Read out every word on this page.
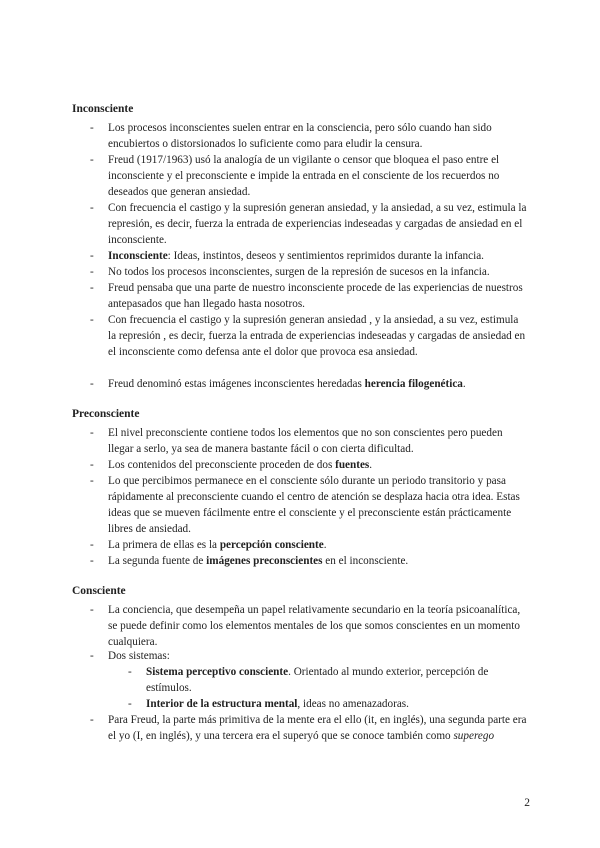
Inconsciente
- Los procesos inconscientes suelen entrar en la consciencia, pero sólo cuando han sido encubiertos o distorsionados lo suficiente como para eludir la censura.
- Freud (1917/1963) usó la analogía de un vigilante o censor que bloquea el paso entre el inconsciente y el preconsciente e impide la entrada en el consciente de los recuerdos no deseados que generan ansiedad.
- Con frecuencia el castigo y la supresión generan ansiedad, y la ansiedad, a su vez, estimula la represión, es decir, fuerza la entrada de experiencias indeseadas y cargadas de ansiedad en el inconsciente.
- Inconsciente: Ideas, instintos, deseos y sentimientos reprimidos durante la infancia.
- No todos los procesos inconscientes, surgen de la represión de sucesos en la infancia.
- Freud pensaba que una parte de nuestro inconsciente procede de las experiencias de nuestros antepasados que han llegado hasta nosotros.
- Con frecuencia el castigo y la supresión generan ansiedad , y la ansiedad, a su vez, estimula la represión , es decir, fuerza la entrada de experiencias indeseadas y cargadas de ansiedad en el inconsciente como defensa ante el dolor que provoca esa ansiedad.
- Freud denominó estas imágenes inconscientes heredadas herencia filogenética.
Preconsciente
- El nivel preconsciente contiene todos los elementos que no son conscientes pero pueden llegar a serlo, ya sea de manera bastante fácil o con cierta dificultad.
- Los contenidos del preconsciente proceden de dos fuentes.
- Lo que percibimos permanece en el consciente sólo durante un periodo transitorio y pasa rápidamente al preconsciente cuando el centro de atención se desplaza hacia otra idea. Estas ideas que se mueven fácilmente entre el consciente y el preconsciente están prácticamente libres de ansiedad.
- La primera de ellas es la percepción consciente.
- La segunda fuente de imágenes preconscientes en el inconsciente.
Consciente
- La conciencia, que desempeña un papel relativamente secundario en la teoría psicoanalítica, se puede definir como los elementos mentales de los que somos conscientes en un momento cualquiera.
- Dos sistemas:
- Sistema perceptivo consciente. Orientado al mundo exterior, percepción de estímulos.
- Interior de la estructura mental, ideas no amenazadoras.
- Para Freud, la parte más primitiva de la mente era el ello (it, en inglés), una segunda parte era el yo (I, en inglés), y una tercera era el superyó que se conoce también como superego
2
